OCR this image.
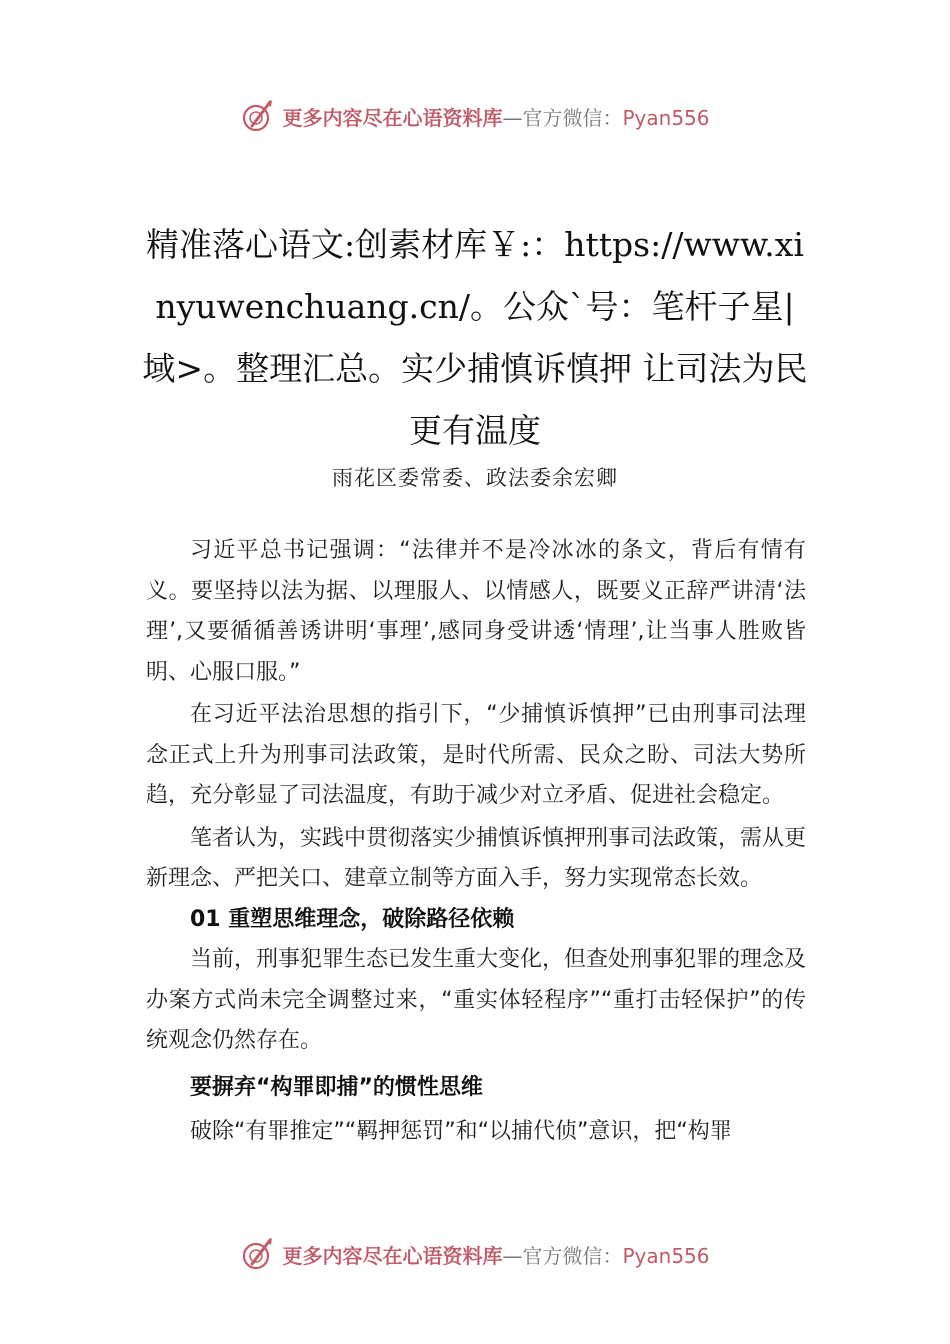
更多内容尽在心语资料库—官方微信：Pyan556
精准落心语文:创素材库￥:：https://www.xinyuwenchuang.cn/。公众`号：笔杆子星|域>。整理汇总。实少捕慎诉慎押 让司法为民更有温度
雨花区委常委、政法委余宏卿

习近平总书记强调：“法律并不是冷冰冰的条文，背后有情有义。要坚持以法为据、以理服人、以情感人，既要义正辞严讲清‘法理’,又要循循善诱讲明‘事理’,感同身受讲透‘情理’,让当事人胜败皆明、心服口服。”

在习近平法治思想的指引下，“少捕慎诉慎押”已由刑事司法理念正式上升为刑事司法政策，是时代所需、民众之盼、司法大势所趋，充分彰显了司法温度，有助于减少对立矛盾、促进社会稳定。

笔者认为，实践中贯彻落实少捕慎诉慎押刑事司法政策，需从更新理念、严把关口、建章立制等方面入手，努力实现常态长效。

01 重塑思维理念，破除路径依赖

当前，刑事犯罪生态已发生重大变化，但查处刑事犯罪的理念及办案方式尚未完全调整过来，“重实体轻程序”“重打击轻保护”的传统观念仍然存在。

要摒弃“构罪即捕”的惯性思维

破除“有罪推定”“羁押惩罚”和“以捕代侦”意识，把“构罪

更多内容尽在心语资料库—官方微信：Pyan556
